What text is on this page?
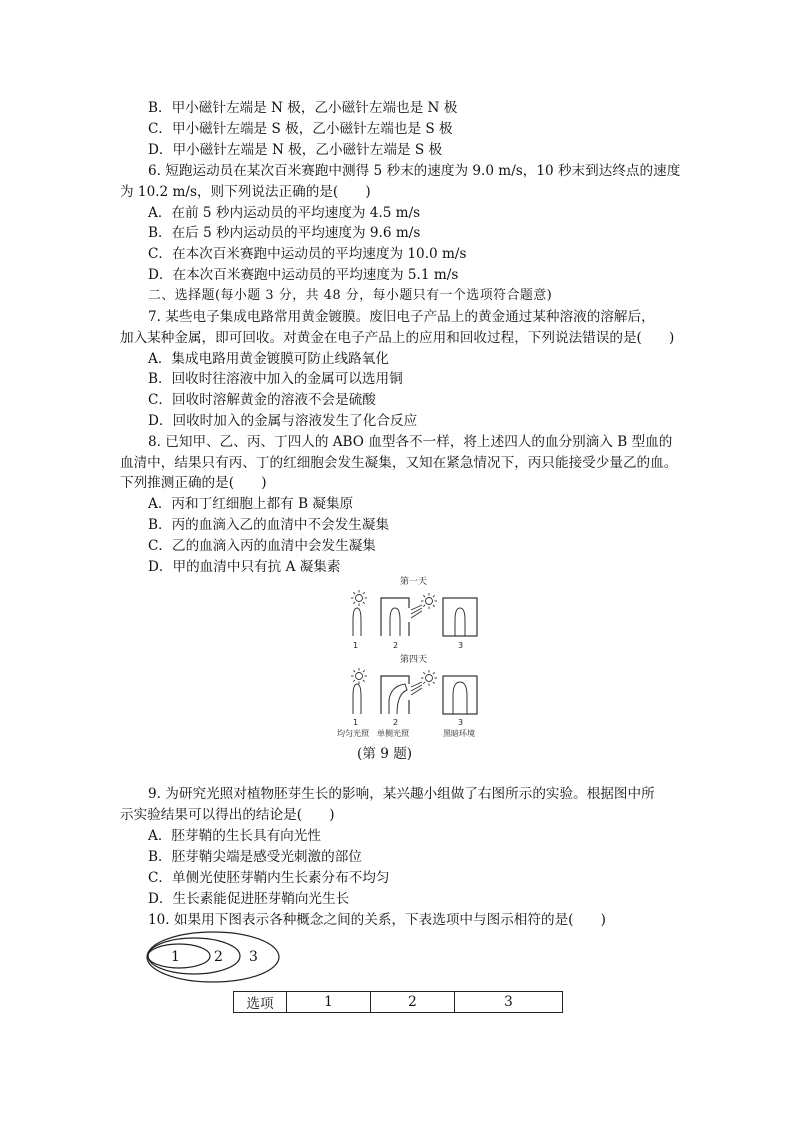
B．甲小磁针左端是 N 极，乙小磁针左端也是 N 极
C．甲小磁针左端是 S 极，乙小磁针左端也是 S 极
D．甲小磁针左端是 N 极，乙小磁针左端是 S 极
6. 短跑运动员在某次百米赛跑中测得 5 秒末的速度为 9.0 m/s，10 秒末到达终点的速度
为 10.2 m/s，则下列说法正确的是(　　)
A．在前 5 秒内运动员的平均速度为 4.5 m/s
B．在后 5 秒内运动员的平均速度为 9.6 m/s
C．在本次百米赛跑中运动员的平均速度为 10.0 m/s
D．在本次百米赛跑中运动员的平均速度为 5.1 m/s
二、选择题(每小题 3 分，共 48 分，每小题只有一个选项符合题意)
7. 某些电子集成电路常用黄金镀膜。废旧电子产品上的黄金通过某种溶液的溶解后，
加入某种金属，即可回收。对黄金在电子产品上的应用和回收过程，下列说法错误的是(　　)
A．集成电路用黄金镀膜可防止线路氧化
B．回收时往溶液中加入的金属可以选用铜
C．回收时溶解黄金的溶液不会是硫酸
D．回收时加入的金属与溶液发生了化合反应
8. 已知甲、乙、丙、丁四人的 ABO 血型各不一样，将上述四人的血分别滴入 B 型血的
血清中，结果只有丙、丁的红细胞会发生凝集，又知在紧急情况下，丙只能接受少量乙的血。
下列推测正确的是(　　)
A．丙和丁红细胞上都有 B 凝集原
B．丙的血滴入乙的血清中不会发生凝集
C．乙的血滴入丙的血清中会发生凝集
D．甲的血清中只有抗 A 凝集素
第一天
1	2	3
第四天
1	2	3
均匀光照 单侧光照	黑暗环境
(第 9 题)
9. 为研究光照对植物胚芽生长的影响，某兴趣小组做了右图所示的实验。根据图中所
示实验结果可以得出的结论是(　　)
A．胚芽鞘的生长具有向光性
B．胚芽鞘尖端是感受光刺激的部位
C．单侧光使胚芽鞘内生长素分布不均匀
D．生长素能促进胚芽鞘向光生长
10. 如果用下图表示各种概念之间的关系，下表选项中与图示相符的是(　　)
1 2 3
选项	1	2	3
